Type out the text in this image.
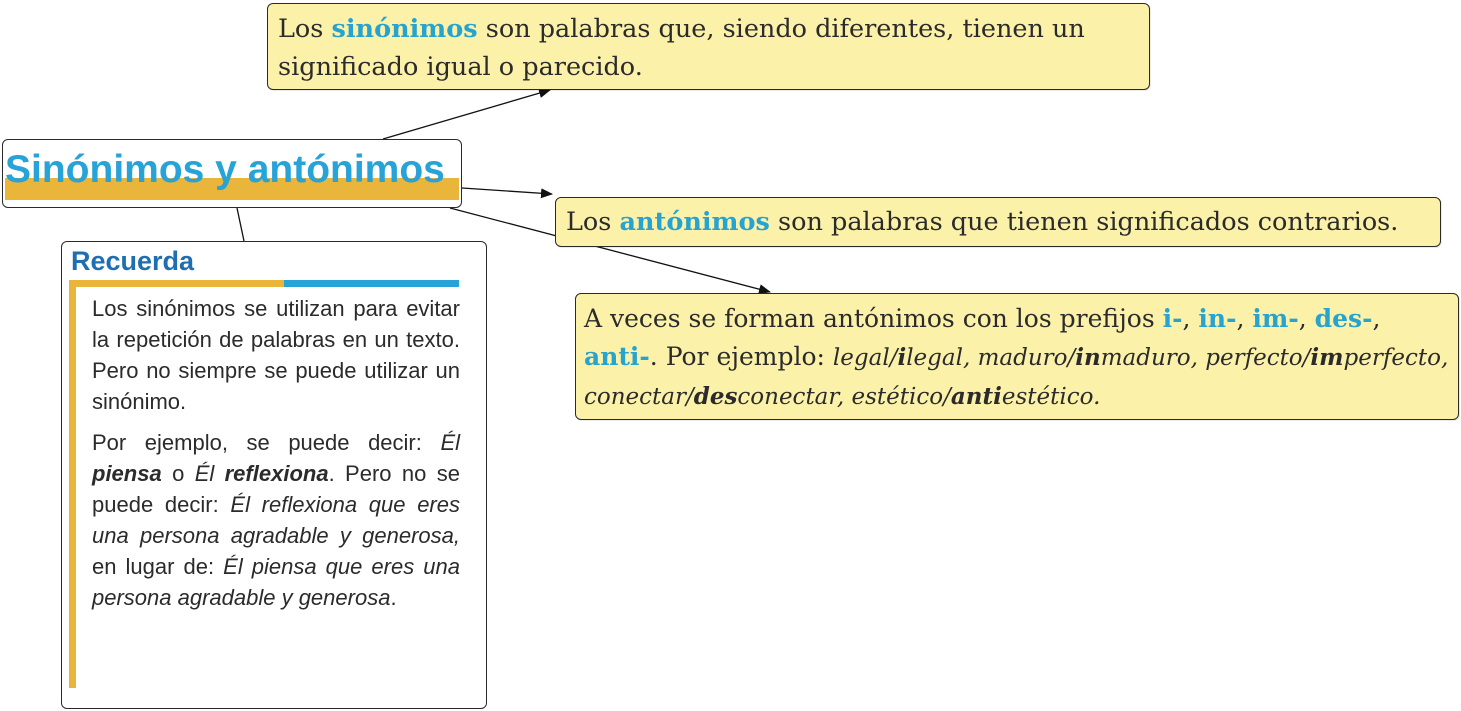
Los sinónimos son palabras que, siendo diferentes, tienen un significado igual o parecido.
Sinónimos y antónimos
Los antónimos son palabras que tienen significados contrarios.
A veces se forman antónimos con los prefijos i-, in-, im-, des-, anti-. Por ejemplo: legal/ilegal, maduro/inmaduro, perfecto/imperfecto, conectar/desconectar, estético/antiestético.
Recuerda

Los sinónimos se utilizan para evitar la repetición de palabras en un texto. Pero no siempre se puede utilizar un sinónimo.

Por ejemplo, se puede decir: Él piensa o Él reflexiona. Pero no se puede decir: Él reflexiona que eres una persona agradable y generosa, en lugar de: Él piensa que eres una persona agradable y generosa.
